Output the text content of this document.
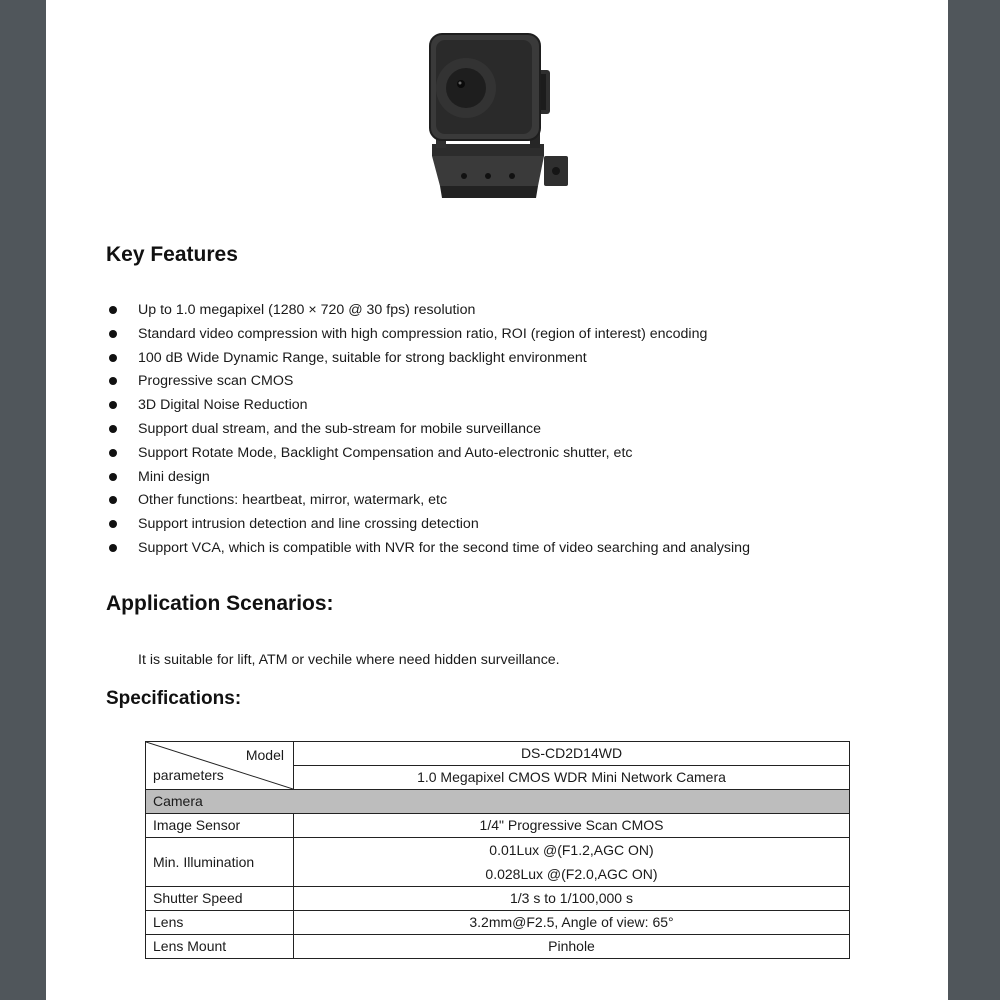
Key Features
Up to 1.0 megapixel (1280 × 720 @ 30 fps) resolution
Standard video compression with high compression ratio, ROI (region of interest) encoding
100 dB Wide Dynamic Range, suitable for strong backlight environment
Progressive scan CMOS
3D Digital Noise Reduction
Support dual stream, and the sub-stream for mobile surveillance
Support Rotate Mode, Backlight Compensation and Auto-electronic shutter, etc
Mini design
Other functions: heartbeat, mirror, watermark, etc
Support intrusion detection and line crossing detection
Support VCA, which is compatible with NVR for the second time of video searching and analysing
Application Scenarios:
It is suitable for lift, ATM or vechile where need hidden surveillance.
Specifications:
Model
parameters	DS-CD2D14WD
	1.0 Megapixel CMOS WDR Mini Network Camera
Camera	
Image Sensor	1/4" Progressive Scan CMOS
Min. Illumination	0.01Lux @(F1.2,AGC ON)
0.028Lux @(F2.0,AGC ON)

Shutter Speed	1/3 s to 1/100,000 s
Lens	3.2mm@F2.5, Angle of view: 65°
Lens Mount	Pinhole
